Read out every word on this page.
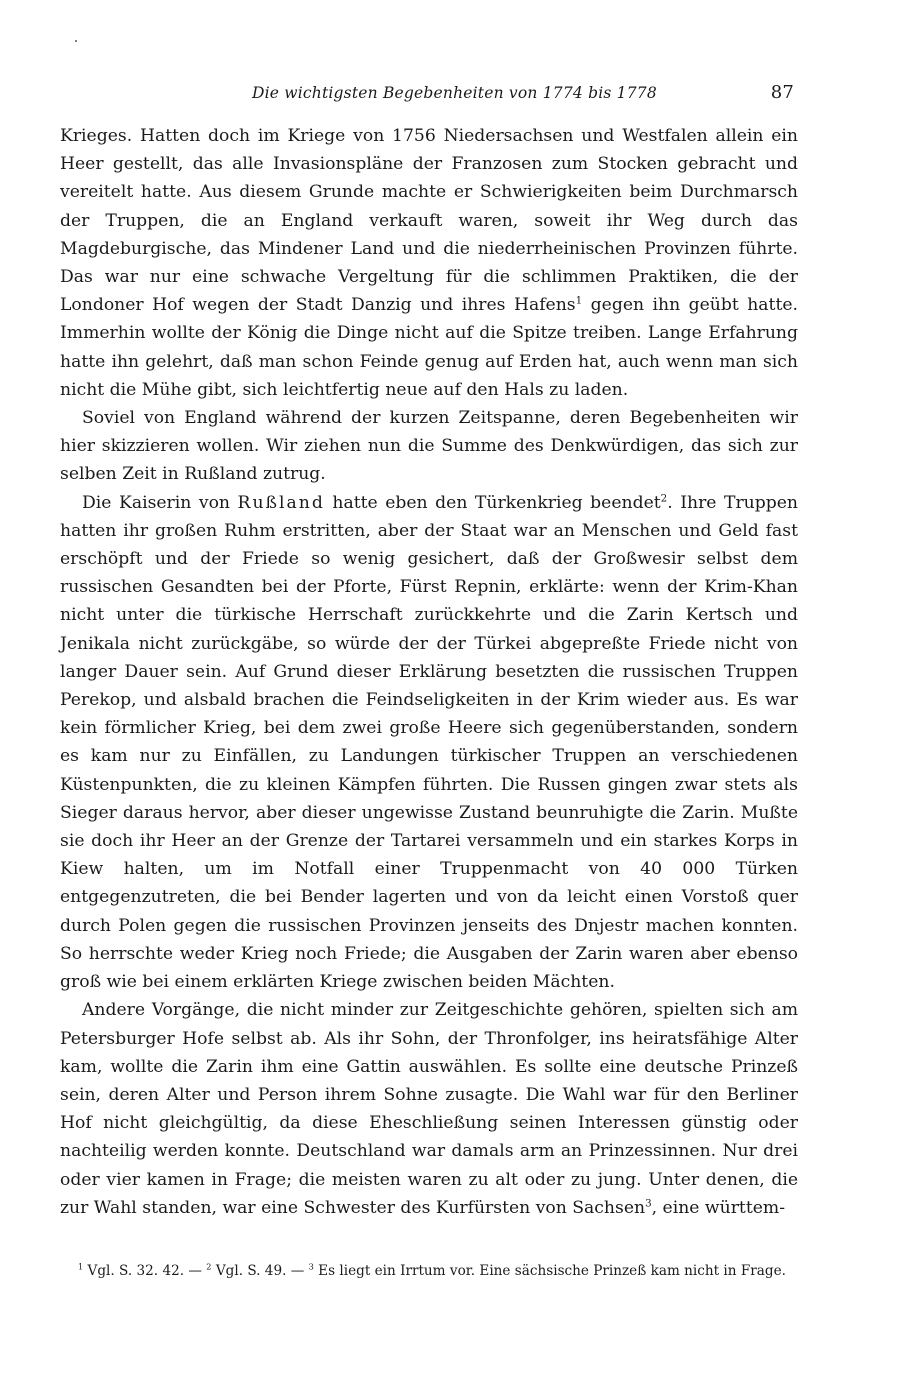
Die wichtigsten Begebenheiten von 1774 bis 1778	87

Krieges. Hatten doch im Kriege von 1756 Niedersachsen und Westfalen allein ein Heer gestellt, das alle Invasionspläne der Franzosen zum Stocken gebracht und vereitelt hatte. Aus diesem Grunde machte er Schwierigkeiten beim Durchmarsch der Truppen, die an England verkauft waren, soweit ihr Weg durch das Magdeburgische, das Mindener Land und die niederrheinischen Provinzen führte. Das war nur eine schwache Vergeltung für die schlimmen Praktiken, die der Londoner Hof wegen der Stadt Danzig und ihres Hafens$^1$ gegen ihn geübt hatte. Immerhin wollte der König die Dinge nicht auf die Spitze treiben. Lange Erfahrung hatte ihn gelehrt, daß man schon Feinde genug auf Erden hat, auch wenn man sich nicht die Mühe gibt, sich leichtfertig neue auf den Hals zu laden.

Soviel von England während der kurzen Zeitspanne, deren Begebenheiten wir hier skizzieren wollen. Wir ziehen nun die Summe des Denkwürdigen, das sich zur selben Zeit in Rußland zutrug.

Die Kaiserin von Rußland hatte eben den Türkenkrieg beendet$^2$. Ihre Truppen hatten ihr großen Ruhm erstritten, aber der Staat war an Menschen und Geld fast erschöpft und der Friede so wenig gesichert, daß der Großwesir selbst dem russischen Gesandten bei der Pforte, Fürst Repnin, erklärte: wenn der Krim-Khan nicht unter die türkische Herrschaft zurückkehrte und die Zarin Kertsch und Jenikala nicht zurückgäbe, so würde der der Türkei abgepreßte Friede nicht von langer Dauer sein. Auf Grund dieser Erklärung besetzten die russischen Truppen Perekop, und alsbald brachen die Feindseligkeiten in der Krim wieder aus. Es war kein förmlicher Krieg, bei dem zwei große Heere sich gegenüberstanden, sondern es kam nur zu Einfällen, zu Landungen türkischer Truppen an verschiedenen Küstenpunkten, die zu kleinen Kämpfen führten. Die Russen gingen zwar stets als Sieger daraus hervor, aber dieser ungewisse Zustand beunruhigte die Zarin. Mußte sie doch ihr Heer an der Grenze der Tartarei versammeln und ein starkes Korps in Kiew halten, um im Notfall einer Truppenmacht von 40 000 Türken entgegenzutreten, die bei Bender lagerten und von da leicht einen Vorstoß quer durch Polen gegen die russischen Provinzen jenseits des Dnjestr machen konnten. So herrschte weder Krieg noch Friede; die Ausgaben der Zarin waren aber ebenso groß wie bei einem erklärten Kriege zwischen beiden Mächten.

Andere Vorgänge, die nicht minder zur Zeitgeschichte gehören, spielten sich am Petersburger Hofe selbst ab. Als ihr Sohn, der Thronfolger, ins heiratsfähige Alter kam, wollte die Zarin ihm eine Gattin auswählen. Es sollte eine deutsche Prinzeß sein, deren Alter und Person ihrem Sohne zusagte. Die Wahl war für den Berliner Hof nicht gleichgültig, da diese Eheschließung seinen Interessen günstig oder nachteilig werden konnte. Deutschland war damals arm an Prinzessinnen. Nur drei oder vier kamen in Frage; die meisten waren zu alt oder zu jung. Unter denen, die zur Wahl standen, war eine Schwester des Kurfürsten von Sachsen$^3$, eine württem-

$^1$ Vgl. S. 32. 42. — $^2$ Vgl. S. 49. — $^3$ Es liegt ein Irrtum vor. Eine sächsische Prinzeß kam nicht in Frage.
